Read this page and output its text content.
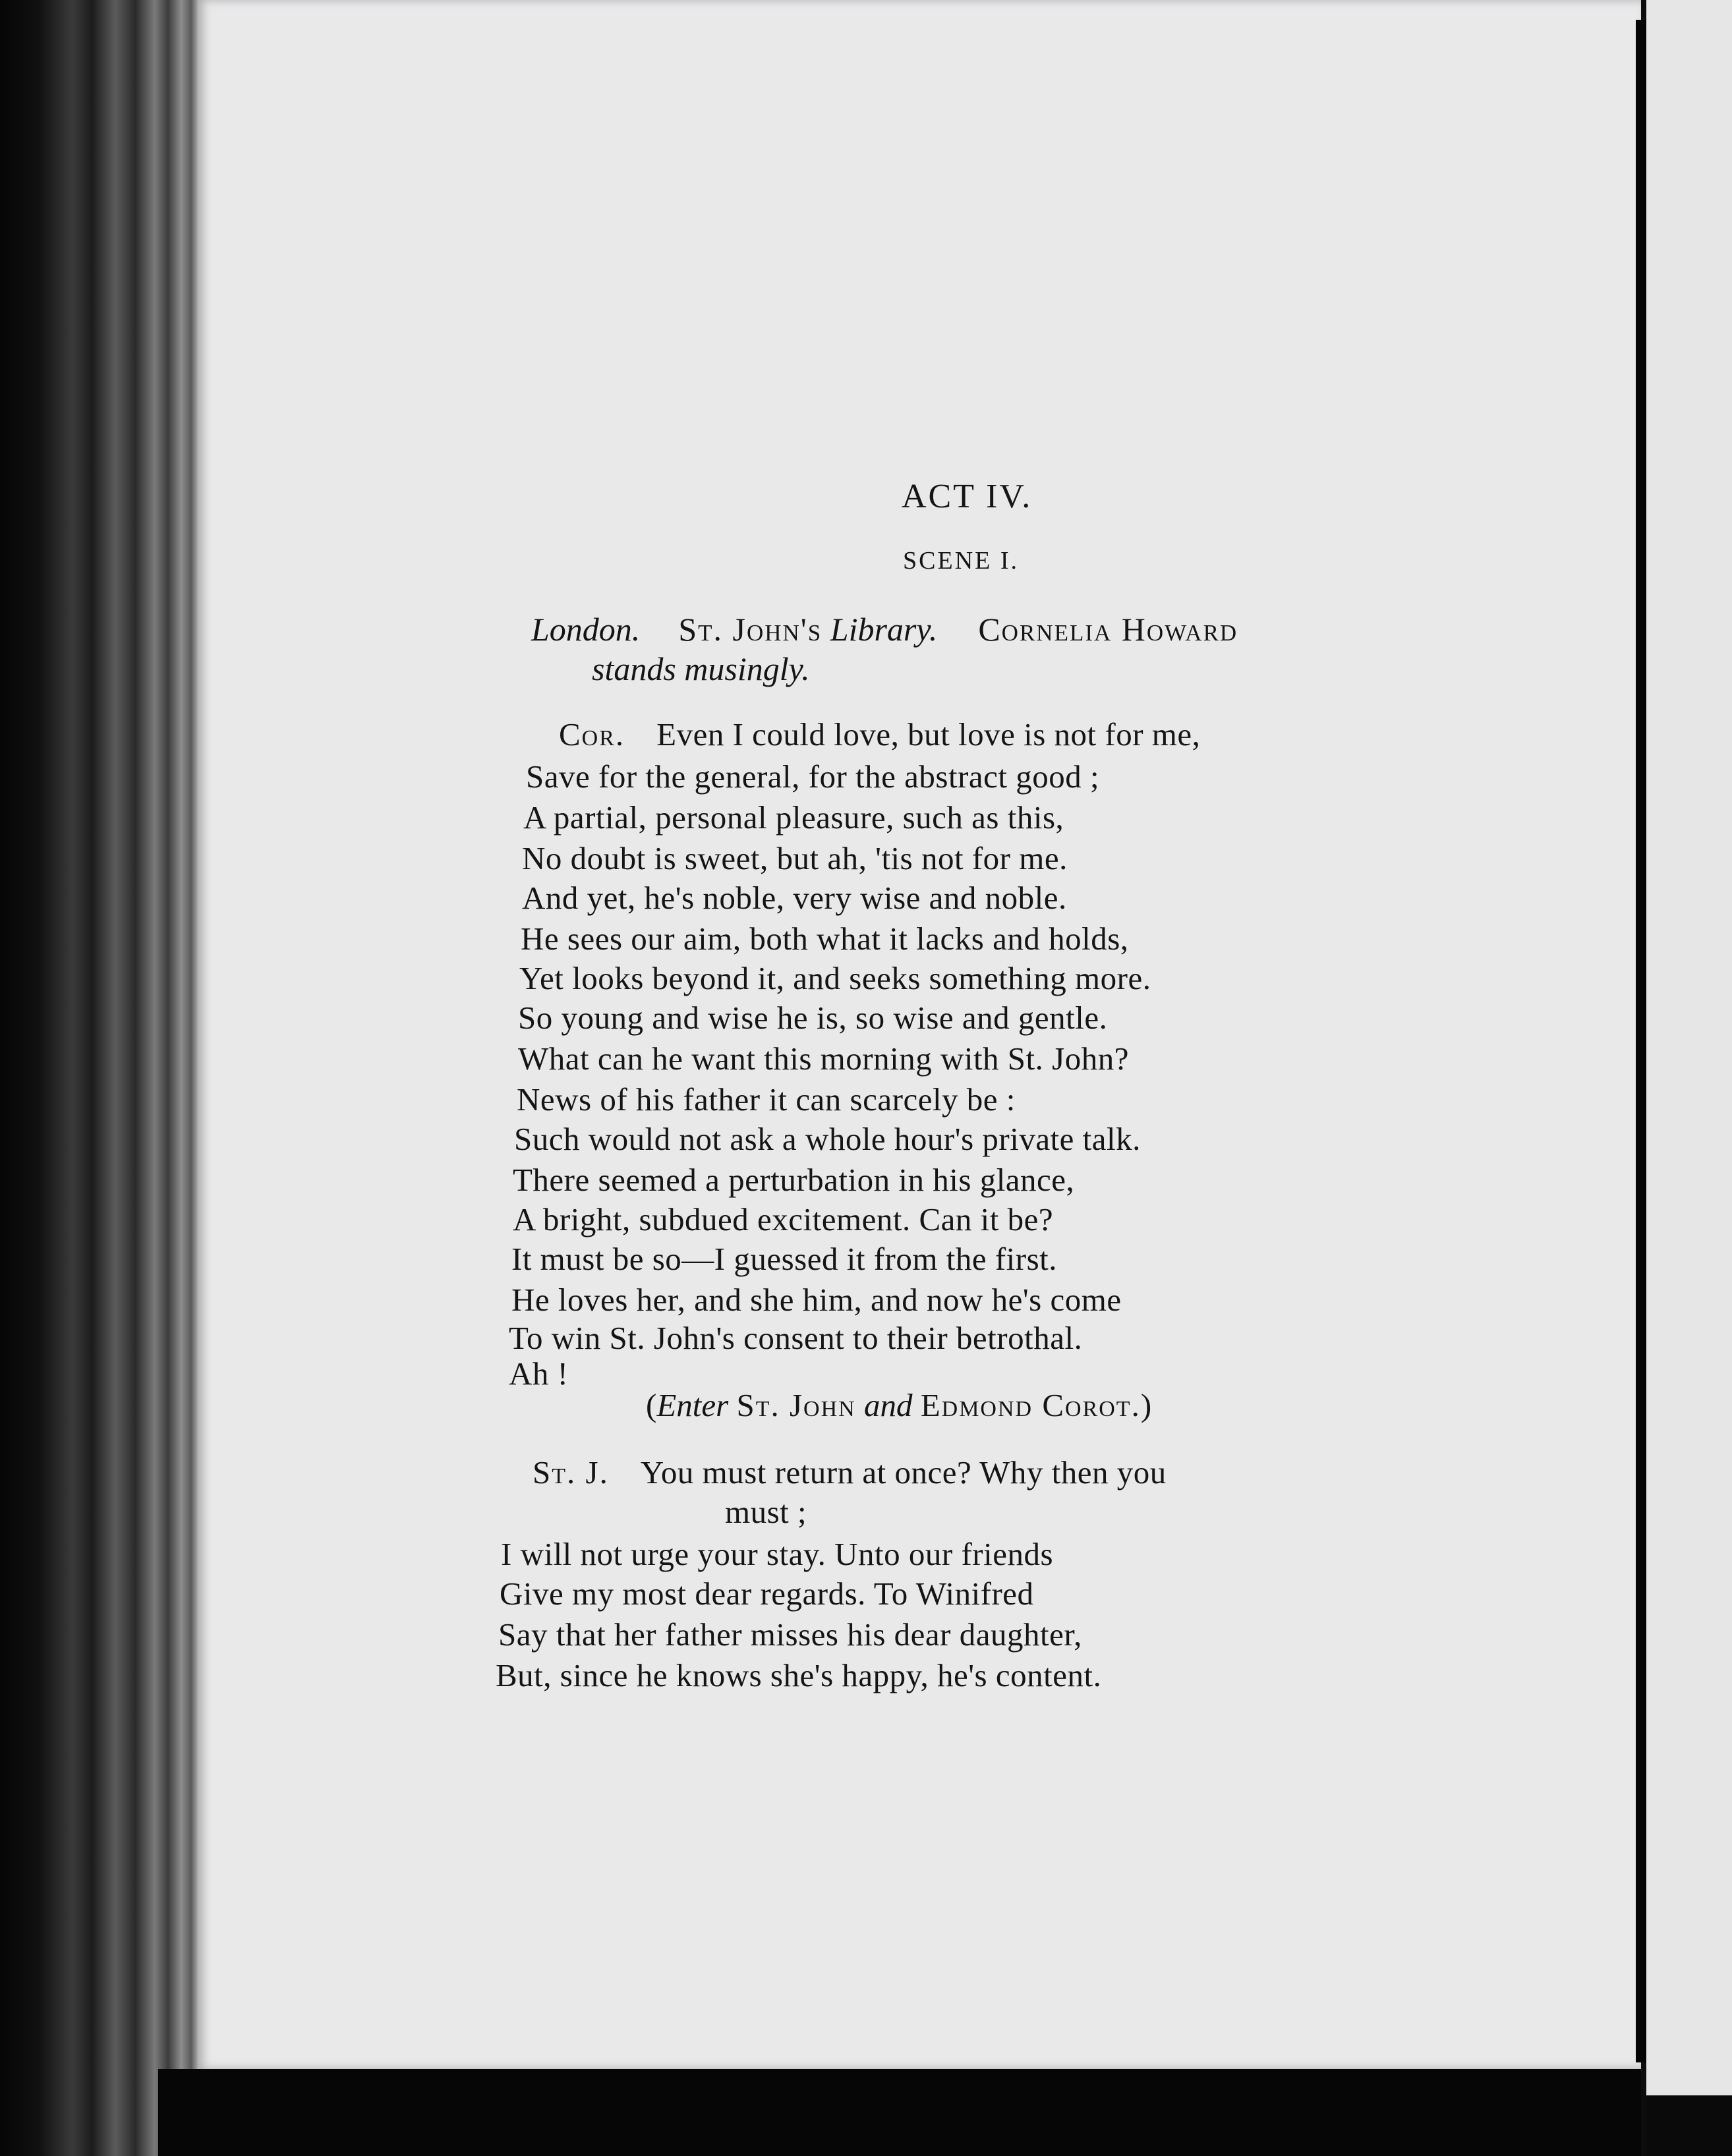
ACT IV.
SCENE I.
London. St. John's Library. Cornelia Howard
stands musingly.
Cor. Even I could love, but love is not for me,
Save for the general, for the abstract good ;
A partial, personal pleasure, such as this,
No doubt is sweet, but ah, 'tis not for me.
And yet, he's noble, very wise and noble.
He sees our aim, both what it lacks and holds,
Yet looks beyond it, and seeks something more.
So young and wise he is, so wise and gentle.
What can he want this morning with St. John?
News of his father it can scarcely be :
Such would not ask a whole hour's private talk.
There seemed a perturbation in his glance,
A bright, subdued excitement. Can it be?
It must be so—I guessed it from the first.
He loves her, and she him, and now he's come
To win St. John's consent to their betrothal.
Ah !
(Enter St. John and Edmond Corot.)
St. J. You must return at once? Why then you
must ;
I will not urge your stay. Unto our friends
Give my most dear regards. To Winifred
Say that her father misses his dear daughter,
But, since he knows she's happy, he's content.
